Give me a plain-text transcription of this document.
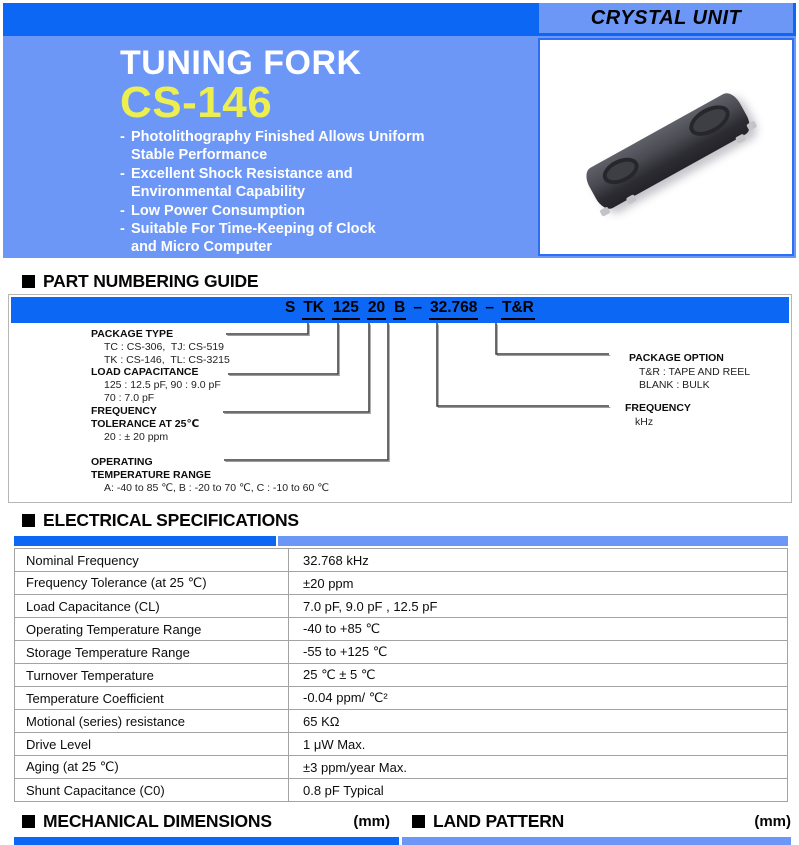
TUNING FORK
CS-146
- Photolithography Finished Allows Uniform
Stable Performance
- Excellent Shock Resistance and
Environmental Capability
- Low Power Consumption
- Suitable For Time-Keeping of Clock
and Micro Computer
CRYSTAL UNIT
PART NUMBERING GUIDE
S TK 125 20 B – 32.768 – T&R
PACKAGE TYPE
TC : CS-306,  TJ: CS-519
TK : CS-146,  TL: CS-3215
LOAD CAPACITANCE
125 : 12.5 pF, 90 : 9.0 pF
70 : 7.0 pF
FREQUENCY
TOLERANCE AT 25℃
20 : ± 20 ppm
OPERATING
TEMPERATURE RANGE
A: -40 to 85 ℃, B : -20 to 70 ℃, C : -10 to 60 ℃
PACKAGE OPTION
T&R : TAPE AND REEL
BLANK : BULK
FREQUENCY
kHz
ELECTRICAL SPECIFICATIONS
Nominal Frequency	32.768 kHz
Frequency Tolerance (at 25 ℃)	±20 ppm
Load Capacitance (CL)	7.0 pF, 9.0 pF , 12.5 pF
Operating Temperature Range	-40 to +85 ℃
Storage Temperature Range	-55 to +125 ℃
Turnover Temperature	25 ℃ ± 5 ℃
Temperature Coefficient	-0.04 ppm/ ℃²
Motional (series) resistance	65 KΩ
Drive Level	1 μW Max.
Aging (at 25 ℃)	±3 ppm/year Max.
Shunt Capacitance (C0)	0.8 pF Typical
MECHANICAL DIMENSIONS	(mm) LAND PATTERN	(mm)
